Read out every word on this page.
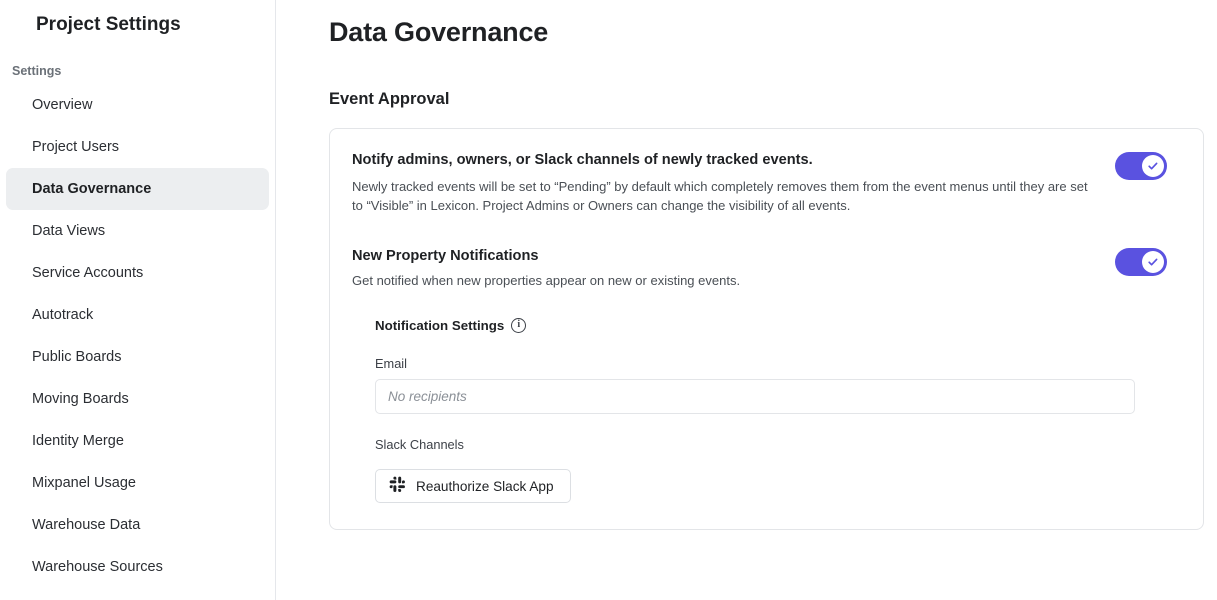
Project Settings
Settings
Overview
Project Users
Data Governance
Data Views
Service Accounts
Autotrack
Public Boards
Moving Boards
Identity Merge
Mixpanel Usage
Warehouse Data
Warehouse Sources
Data Governance
Event Approval
Notify admins, owners, or Slack channels of newly tracked events.
Newly tracked events will be set to “Pending” by default which completely removes them from the event menus until they are set to “Visible” in Lexicon. Project Admins or Owners can change the visibility of all events.
New Property Notifications
Get notified when new properties appear on new or existing events.
Notification Settings	i
Email
No recipients
Slack Channels
Reauthorize Slack App
